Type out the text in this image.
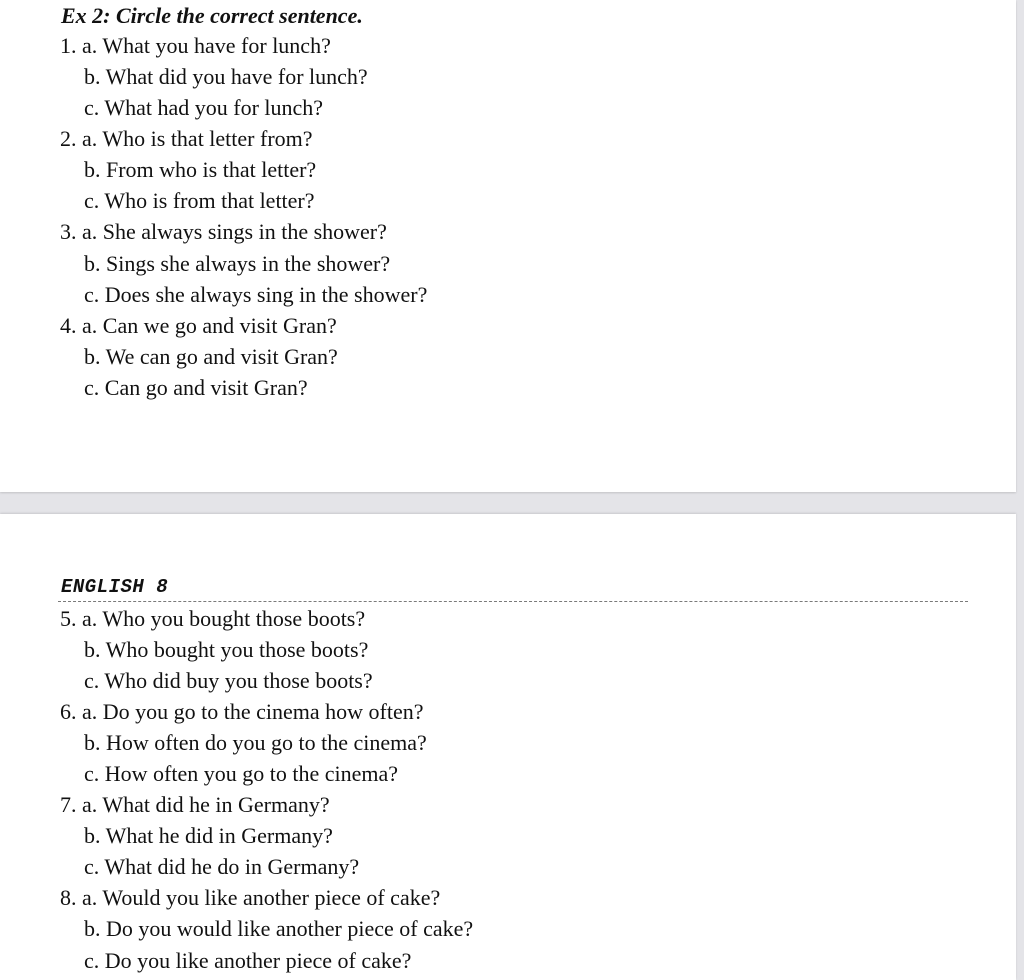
Ex 2: Circle the correct sentence.
1. a. What you have for lunch?
b. What did you have for lunch?
c. What had you for lunch?
2. a. Who is that letter from?
b. From who is that letter?
c. Who is from that letter?
3. a. She always sings in the shower?
b. Sings she always in the shower?
c. Does she always sing in the shower?
4. a. Can we go and visit Gran?
b. We can go and visit Gran?
c. Can go and visit Gran?
ENGLISH 8
5. a. Who you bought those boots?
b. Who bought you those boots?
c. Who did buy you those boots?
6. a. Do you go to the cinema how often?
b. How often do you go to the cinema?
c. How often you go to the cinema?
7. a. What did he in Germany?
b. What he did in Germany?
c. What did he do in Germany?
8. a. Would you like another piece of cake?
b. Do you would like another piece of cake?
c. Do you like another piece of cake?
